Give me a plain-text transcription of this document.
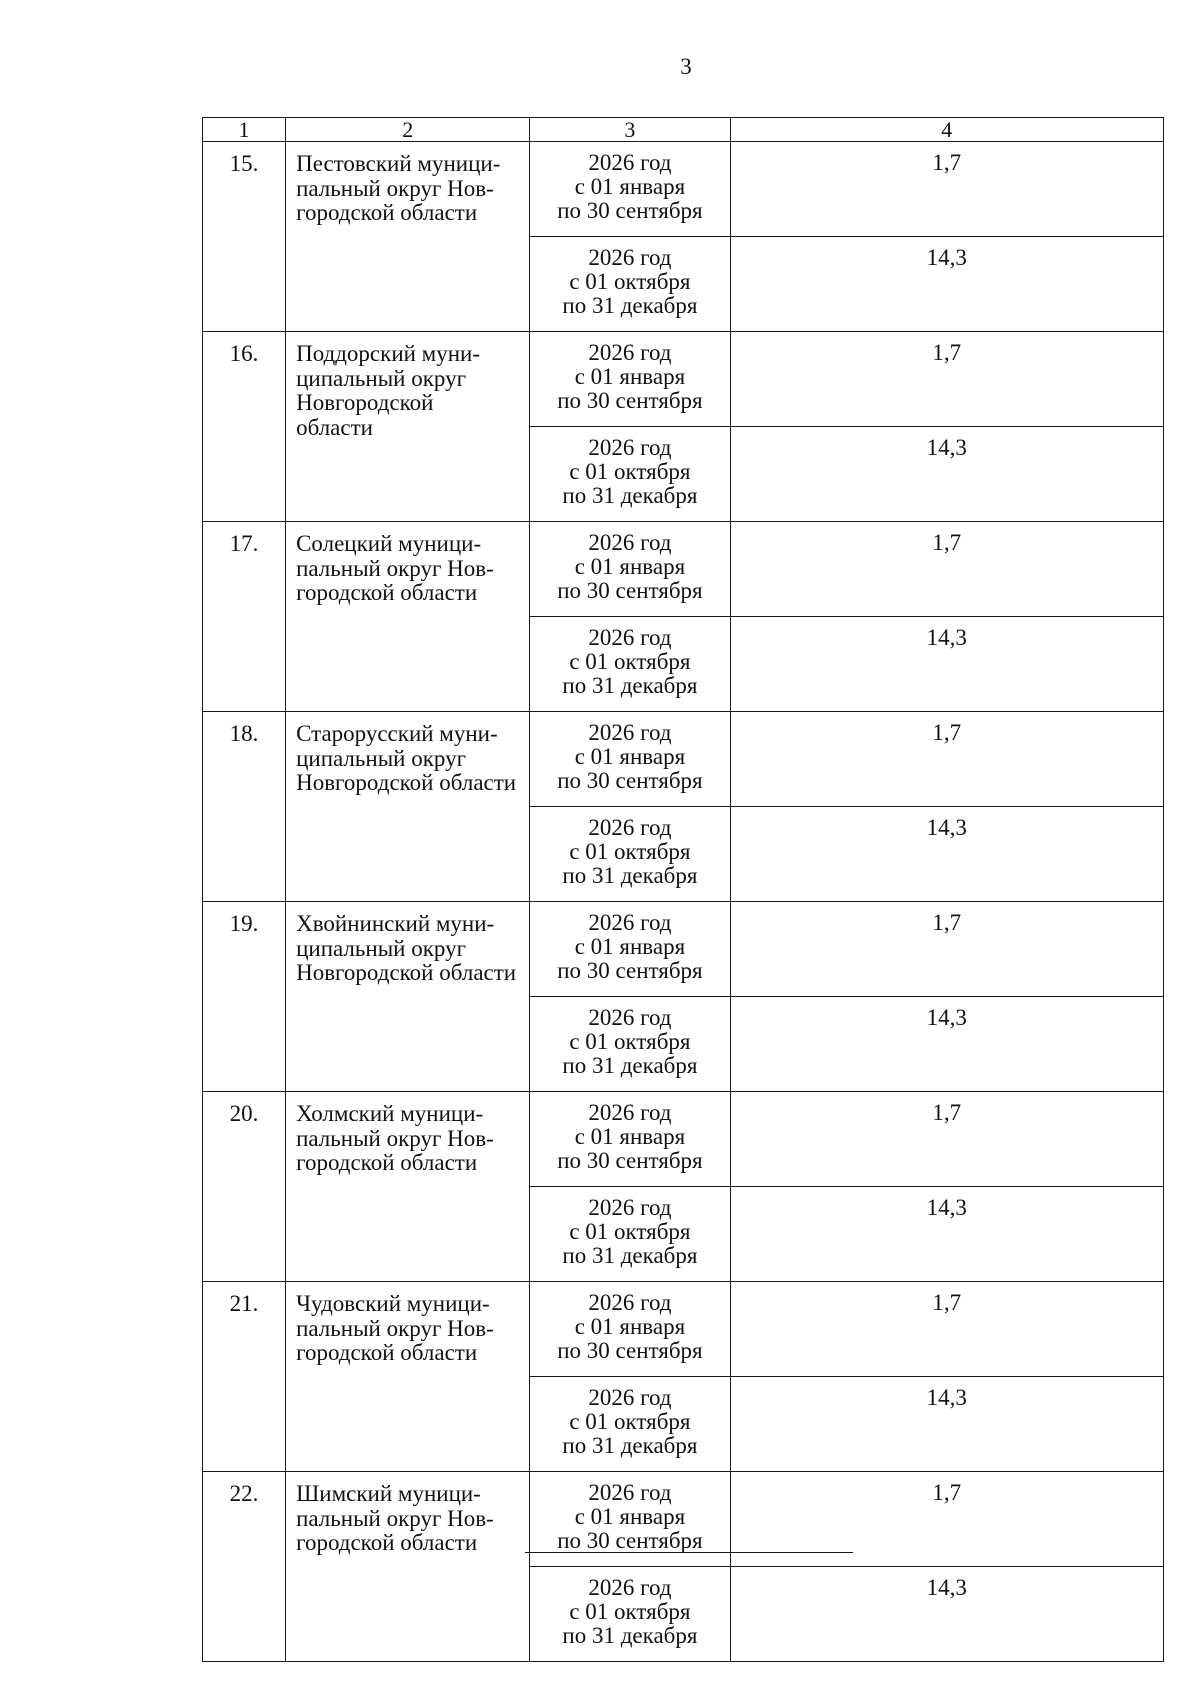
3
1	2	3	4
15.	Пестовский муници-
пальный округ Нов-
городской области	2026 год
с 01 января
по 30 сентября	1,7

		2026 год
с 01 октября
по 31 декабря	14,3
16.	Поддорский муни-
ципальный округ
Новгородской
области	2026 год
с 01 января
по 30 сентября	1,7

		2026 год
с 01 октября
по 31 декабря	14,3
17.	Солецкий муници-
пальный округ Нов-
городской области	2026 год
с 01 января
по 30 сентября	1,7

		2026 год
с 01 октября
по 31 декабря	14,3
18.	Старорусский муни-
ципальный округ
Новгородской области	2026 год
с 01 января
по 30 сентября	1,7

		2026 год
с 01 октября
по 31 декабря	14,3
19.	Хвойнинский муни-
ципальный округ
Новгородской области	2026 год
с 01 января
по 30 сентября	1,7

		2026 год
с 01 октября
по 31 декабря	14,3
20.	Холмский муници-
пальный округ Нов-
городской области	2026 год
с 01 января
по 30 сентября	1,7

		2026 год
с 01 октября
по 31 декабря	14,3
21.	Чудовский муници-
пальный округ Нов-
городской области	2026 год
с 01 января
по 30 сентября	1,7

		2026 год
с 01 октября
по 31 декабря	14,3
22.	Шимский муници-
пальный округ Нов-
городской области	2026 год
с 01 января
по 30 сентября	1,7

		2026 год
с 01 октября
по 31 декабря	14,3
